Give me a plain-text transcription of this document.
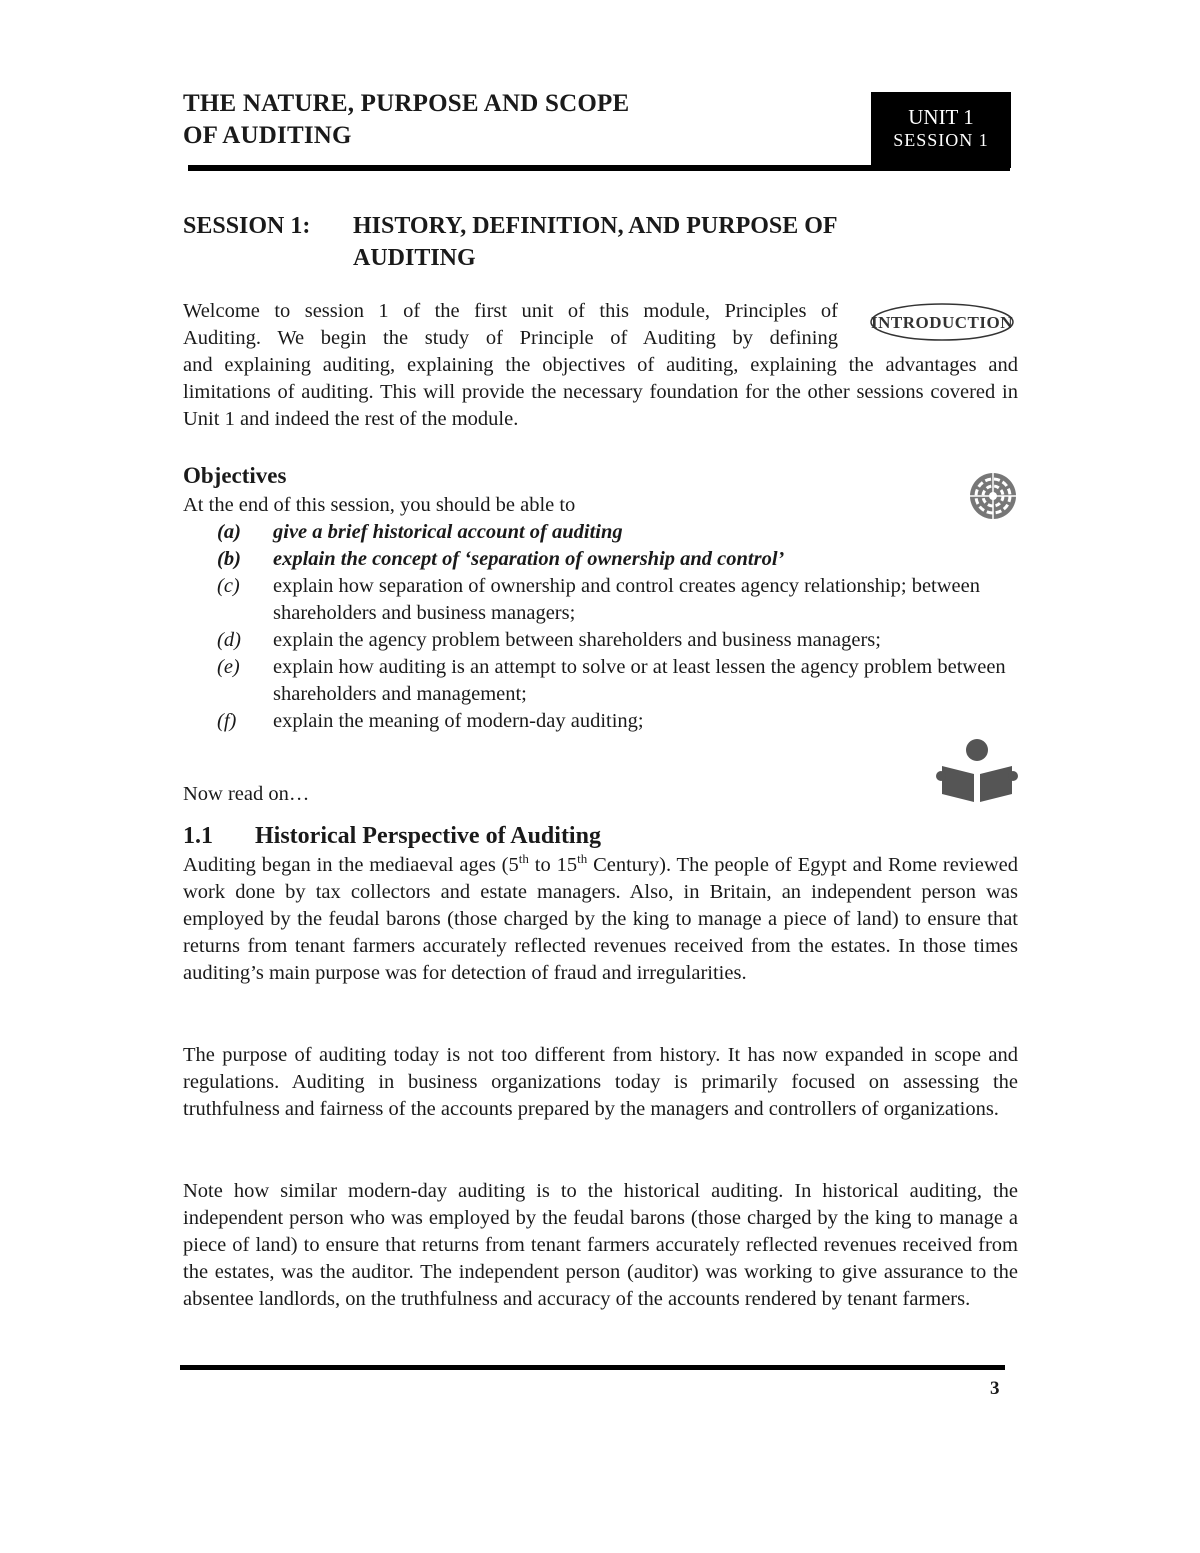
THE NATURE, PURPOSE AND SCOPE
OF AUDITING
UNIT 1
SESSION 1
SESSION 1: HISTORY, DEFINITION, AND PURPOSE OF
AUDITING
Welcome to session 1 of the first unit of this module, Principles of
Auditing. We begin the study of Principle of Auditing by defining
and explaining auditing, explaining the objectives of auditing, explaining the advantages and limitations of auditing. This will provide the necessary foundation for the other sessions covered in Unit 1 and indeed the rest of the module.
INTRODUCTION
Objectives
At the end of this session, you should be able to
(a)	give a brief historical account of auditing
(b)	explain the concept of ‘separation of ownership and control’
(c)	explain how separation of ownership and control creates agency relationship; between shareholders and business managers;
(d)	explain the agency problem between shareholders and business managers;
(e)	explain how auditing is an attempt to solve or at least lessen the agency problem between shareholders and management;
(f)	explain the meaning of modern-day auditing;
Now read on…
1.1 Historical Perspective of Auditing
Auditing began in the mediaeval ages (5th to 15th Century). The people of Egypt and Rome reviewed work done by tax collectors and estate managers. Also, in Britain, an independent person was employed by the feudal barons (those charged by the king to manage a piece of land) to ensure that returns from tenant farmers accurately reflected revenues received from the estates. In those times auditing’s main purpose was for detection of fraud and irregularities.
The purpose of auditing today is not too different from history. It has now expanded in scope and regulations. Auditing in business organizations today is primarily focused on assessing the truthfulness and fairness of the accounts prepared by the managers and controllers of organizations.
Note how similar modern-day auditing is to the historical auditing. In historical auditing, the independent person who was employed by the feudal barons (those charged by the king to manage a piece of land) to ensure that returns from tenant farmers accurately reflected revenues received from the estates, was the auditor. The independent person (auditor) was working to give assurance to the absentee landlords, on the truthfulness and accuracy of the accounts rendered by tenant farmers.
3
